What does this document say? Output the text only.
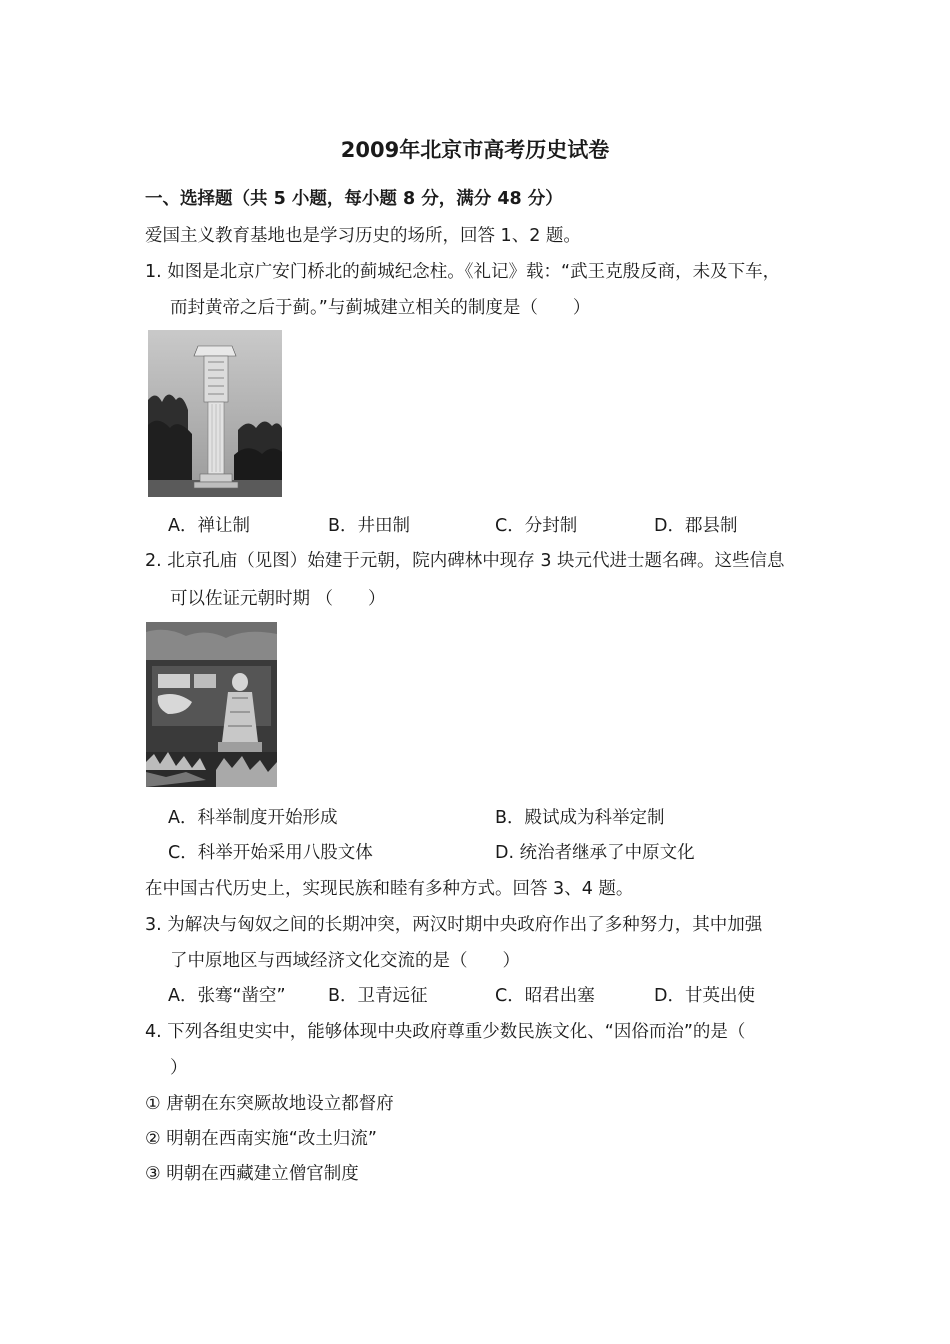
2009年北京市高考历史试卷
一、选择题（共 5 小题，每小题 8 分，满分 48 分）
爱国主义教育基地也是学习历史的场所，回答 1、2 题。
1. 如图是北京广安门桥北的蓟城纪念柱。《礼记》载：“武王克殷反商，未及下车，
而封黄帝之后于蓟。”与蓟城建立相关的制度是（　　）
A．禅让制	B．井田制	C．分封制	D．郡县制
2. 北京孔庙（见图）始建于元朝，院内碑林中现存 3 块元代进士题名碑。这些信息
可以佐证元朝时期 （　　）
A．科举制度开始形成	B．殿试成为科举定制
C．科举开始采用八股文体	D. 统治者继承了中原文化
在中国古代历史上，实现民族和睦有多种方式。回答 3、4 题。
3. 为解决与匈奴之间的长期冲突，两汉时期中央政府作出了多种努力，其中加强
了中原地区与西域经济文化交流的是（　　）
A．张骞“凿空” B．卫青远征	C．昭君出塞	D．甘英出使
4. 下列各组史实中，能够体现中央政府尊重少数民族文化、“因俗而治”的是（
）
① 唐朝在东突厥故地设立都督府
② 明朝在西南实施“改土归流”
③ 明朝在西藏建立僧官制度
